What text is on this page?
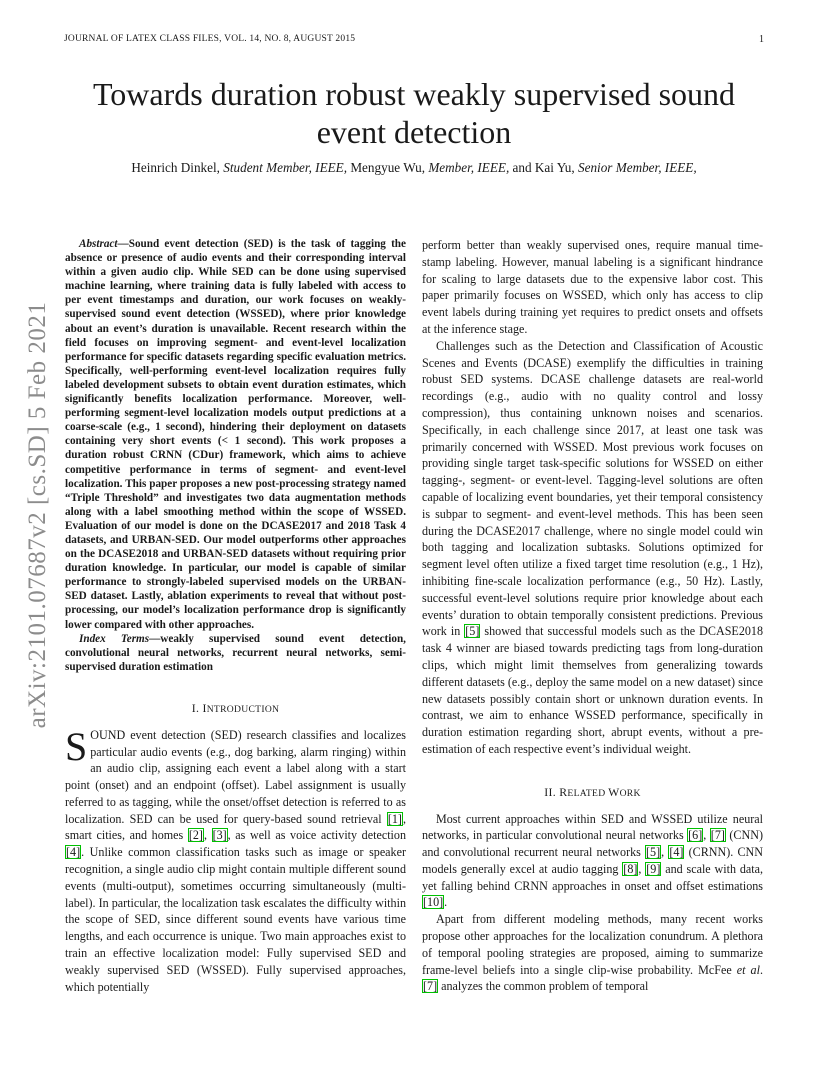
JOURNAL OF LATEX CLASS FILES, VOL. 14, NO. 8, AUGUST 2015	1
arXiv:2101.07687v2 [cs.SD] 5 Feb 2021
Towards duration robust weakly supervised sound event detection
Heinrich Dinkel, Student Member, IEEE, Mengyue Wu, Member, IEEE, and Kai Yu, Senior Member, IEEE,

Abstract—Sound event detection (SED) is the task of tagging the absence or presence of audio events and their corresponding interval within a given audio clip. While SED can be done using supervised machine learning, where training data is fully labeled with access to per event timestamps and duration, our work focuses on weakly-supervised sound event detection (WSSED), where prior knowledge about an event’s duration is unavailable. Recent research within the field focuses on improving segment- and event-level localization performance for specific datasets regarding specific evaluation metrics. Specifically, well-performing event-level localization requires fully labeled development subsets to obtain event duration estimates, which significantly benefits localization performance. Moreover, well-performing segment-level localization models output predictions at a coarse-scale (e.g., 1 second), hindering their deployment on datasets containing very short events (< 1 second). This work proposes a duration robust CRNN (CDur) framework, which aims to achieve competitive performance in terms of segment- and event-level localization. This paper proposes a new post-processing strategy named “Triple Threshold” and investigates two data augmentation methods along with a label smoothing method within the scope of WSSED. Evaluation of our model is done on the DCASE2017 and 2018 Task 4 datasets, and URBAN-SED. Our model outperforms other approaches on the DCASE2018 and URBAN-SED datasets without requiring prior duration knowledge. In particular, our model is capable of similar performance to strongly-labeled supervised models on the URBAN-SED dataset. Lastly, ablation experiments to reveal that without post-processing, our model’s localization performance drop is significantly lower compared with other approaches.

Index Terms—weakly supervised sound event detection, convolutional neural networks, recurrent neural networks, semi-supervised duration estimation

I. INTRODUCTION

SOUND event detection (SED) research classifies and localizes particular audio events (e.g., dog barking, alarm ringing) within an audio clip, assigning each event a label along with a start point (onset) and an endpoint (offset). Label assignment is usually referred to as tagging, while the onset/offset detection is referred to as localization. SED can be used for query-based sound retrieval [1], smart cities, and homes [2], [3], as well as voice activity detection [4]. Unlike common classification tasks such as image or speaker recognition, a single audio clip might contain multiple different sound events (multi-output), sometimes occurring simultaneously (multi-label). In particular, the localization task escalates the difficulty within the scope of SED, since different sound events have various time lengths, and each occurrence is unique. Two main approaches exist to train an effective localization model: Fully supervised SED and weakly supervised SED (WSSED). Fully supervised approaches, which potentially

perform better than weakly supervised ones, require manual time-stamp labeling. However, manual labeling is a significant hindrance for scaling to large datasets due to the expensive labor cost. This paper primarily focuses on WSSED, which only has access to clip event labels during training yet requires to predict onsets and offsets at the inference stage.

Challenges such as the Detection and Classification of Acoustic Scenes and Events (DCASE) exemplify the difficulties in training robust SED systems. DCASE challenge datasets are real-world recordings (e.g., audio with no quality control and lossy compression), thus containing unknown noises and scenarios. Specifically, in each challenge since 2017, at least one task was primarily concerned with WSSED. Most previous work focuses on providing single target task-specific solutions for WSSED on either tagging-, segment- or event-level. Tagging-level solutions are often capable of localizing event boundaries, yet their temporal consistency is subpar to segment- and event-level methods. This has been seen during the DCASE2017 challenge, where no single model could win both tagging and localization subtasks. Solutions optimized for segment level often utilize a fixed target time resolution (e.g., 1 Hz), inhibiting fine-scale localization performance (e.g., 50 Hz). Lastly, successful event-level solutions require prior knowledge about each events’ duration to obtain temporally consistent predictions. Previous work in [5] showed that successful models such as the DCASE2018 task 4 winner are biased towards predicting tags from long-duration clips, which might limit themselves from generalizing towards different datasets (e.g., deploy the same model on a new dataset) since new datasets possibly contain short or unknown duration events. In contrast, we aim to enhance WSSED performance, specifically in duration estimation regarding short, abrupt events, without a pre-estimation of each respective event’s individual weight.

II. RELATED WORK

Most current approaches within SED and WSSED utilize neural networks, in particular convolutional neural networks [6], [7] (CNN) and convolutional recurrent neural networks [5], [4] (CRNN). CNN models generally excel at audio tagging [8], [9] and scale with data, yet falling behind CRNN approaches in onset and offset estimations [10].

Apart from different modeling methods, many recent works propose other approaches for the localization conundrum. A plethora of temporal pooling strategies are proposed, aiming to summarize frame-level beliefs into a single clip-wise probability. McFee et al. [7] analyzes the common problem of temporal
